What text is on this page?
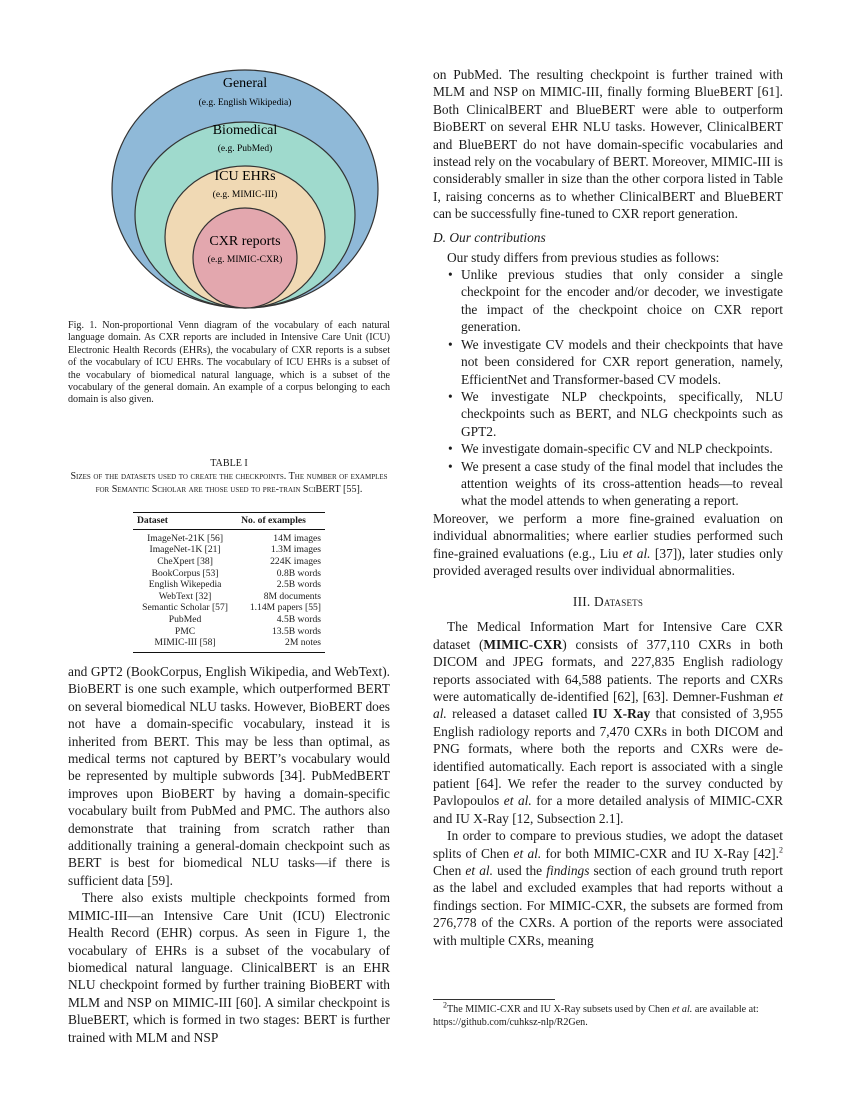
General
(e.g. English Wikipedia)
Biomedical
(e.g. PubMed)
ICU EHRs
(e.g. MIMIC-III)
CXR reports
(e.g. MIMIC-CXR)

Fig. 1. Non-proportional Venn diagram of the vocabulary of each natural language domain. As CXR reports are included in Intensive Care Unit (ICU) Electronic Health Records (EHRs), the vocabulary of CXR reports is a subset of the vocabulary of ICU EHRs. The vocabulary of ICU EHRs is a subset of the vocabulary of biomedical natural language, which is a subset of the vocabulary of the general domain. An example of a corpus belonging to each domain is also given.

TABLE I
Sizes of the datasets used to create the checkpoints. The number of examples for Semantic Scholar are those used to pre-train SciBERT [55].
Dataset	No. of examples
ImageNet-21K [56]	14M images
ImageNet-1K [21]	1.3M images
CheXpert [38]	224K images
BookCorpus [53]	0.8B words
English Wikepedia	2.5B words
WebText [32]	8M documents
Semantic Scholar [57]	1.14M papers [55]
PubMed	4.5B words
PMC	13.5B words
MIMIC-III [58]	2M notes

and GPT2 (BookCorpus, English Wikipedia, and WebText). BioBERT is one such example, which outperformed BERT on several biomedical NLU tasks. However, BioBERT does not have a domain-specific vocabulary, instead it is inherited from BERT. This may be less than optimal, as medical terms not captured by BERT’s vocabulary would be represented by multiple subwords [34]. PubMedBERT improves upon BioBERT by having a domain-specific vocabulary built from PubMed and PMC. The authors also demonstrate that training from scratch rather than additionally training a general-domain checkpoint such as BERT is best for biomedical NLU tasks—if there is sufficient data [59].

There also exists multiple checkpoints formed from MIMIC-III—an Intensive Care Unit (ICU) Electronic Health Record (EHR) corpus. As seen in Figure 1, the vocabulary of EHRs is a subset of the vocabulary of biomedical natural language. ClinicalBERT is an EHR NLU checkpoint formed by further training BioBERT with MLM and NSP on MIMIC-III [60]. A similar checkpoint is BlueBERT, which is formed in two stages: BERT is further trained with MLM and NSP

on PubMed. The resulting checkpoint is further trained with MLM and NSP on MIMIC-III, finally forming BlueBERT [61]. Both ClinicalBERT and BlueBERT were able to outperform BioBERT on several EHR NLU tasks. However, ClinicalBERT and BlueBERT do not have domain-specific vocabularies and instead rely on the vocabulary of BERT. Moreover, MIMIC-III is considerably smaller in size than the other corpora listed in Table I, raising concerns as to whether ClinicalBERT and BlueBERT can be successfully fine-tuned to CXR report generation.

D. Our contributions

Our study differs from previous studies as follows:

• Unlike previous studies that only consider a single checkpoint for the encoder and/or decoder, we investigate the impact of the checkpoint choice on CXR report generation.
• We investigate CV models and their checkpoints that have not been considered for CXR report generation, namely, EfficientNet and Transformer-based CV models.
• We investigate NLP checkpoints, specifically, NLU checkpoints such as BERT, and NLG checkpoints such as GPT2.
• We investigate domain-specific CV and NLP checkpoints.
• We present a case study of the final model that includes the attention weights of its cross-attention heads—to reveal what the model attends to when generating a report.

Moreover, we perform a more fine-grained evaluation on individual abnormalities; where earlier studies performed such fine-grained evaluations (e.g., Liu et al. [37]), later studies only provided averaged results over individual abnormalities.

III. Datasets

The Medical Information Mart for Intensive Care CXR dataset (MIMIC-CXR) consists of 377,110 CXRs in both DICOM and JPEG formats, and 227,835 English radiology reports associated with 64,588 patients. The reports and CXRs were automatically de-identified [62], [63]. Demner-Fushman et al. released a dataset called IU X-Ray that consisted of 3,955 English radiology reports and 7,470 CXRs in both DICOM and PNG formats, where both the reports and CXRs were de-identified automatically. Each report is associated with a single patient [64]. We refer the reader to the survey conducted by Pavlopoulos et al. for a more detailed analysis of MIMIC-CXR and IU X-Ray [12, Subsection 2.1].

In order to compare to previous studies, we adopt the dataset splits of Chen et al. for both MIMIC-CXR and IU X-Ray [42].$^2$ Chen et al. used the findings section of each ground truth report as the label and excluded examples that had reports without a findings section. For MIMIC-CXR, the subsets are formed from 276,778 of the CXRs. A portion of the reports were associated with multiple CXRs, meaning

$^2$The MIMIC-CXR and IU X-Ray subsets used by Chen et al. are available at: https://github.com/cuhksz-nlp/R2Gen.
